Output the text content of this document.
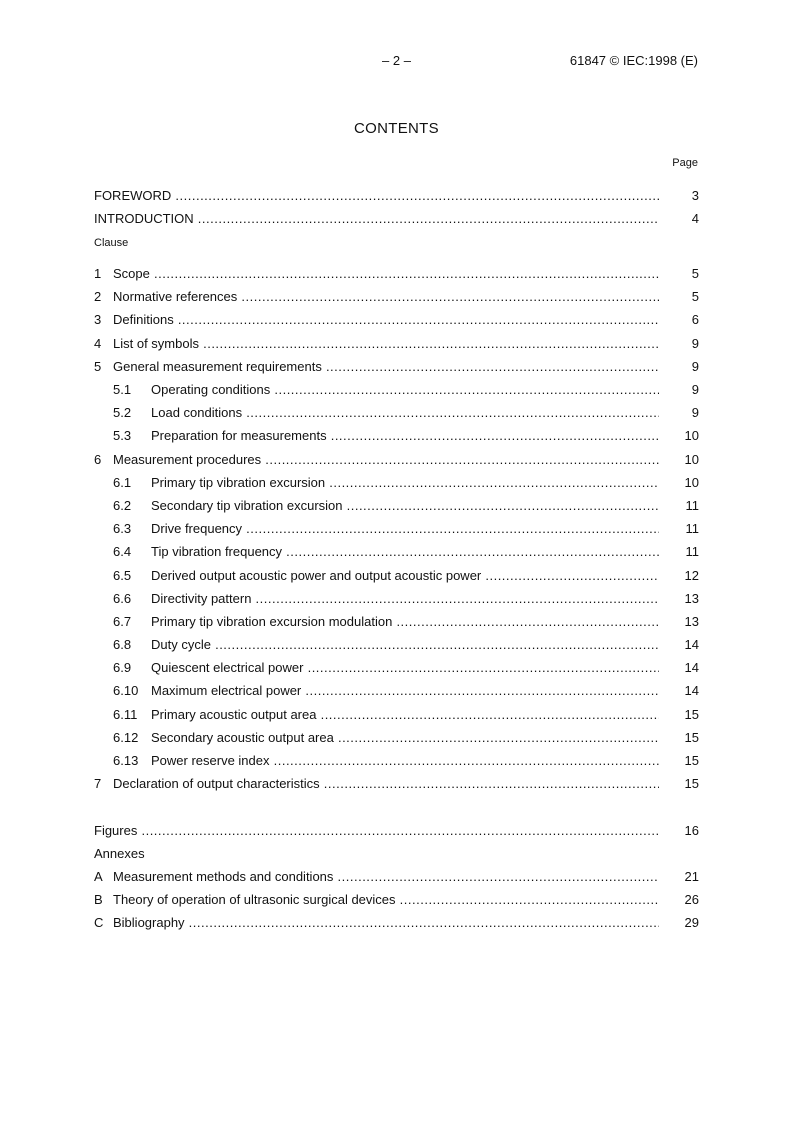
– 2 –	61847 © IEC:1998 (E)
CONTENTS
Page
FOREWORD .....	3
INTRODUCTION .....	4
Clause
1 Scope .....	5
2 Normative references .....	5
3 Definitions .....	6
4 List of symbols .....	9
5 General measurement requirements .....	9
5.1 Operating conditions .....	9
5.2 Load conditions .....	9
5.3 Preparation for measurements .....	10
6 Measurement procedures .....	10
6.1 Primary tip vibration excursion .....	10
6.2 Secondary tip vibration excursion .....	11
6.3 Drive frequency .....	11
6.4 Tip vibration frequency .....	11
6.5 Derived output acoustic power and output acoustic power .....	12
6.6 Directivity pattern .....	13
6.7 Primary tip vibration excursion modulation .....	13
6.8 Duty cycle .....	14
6.9 Quiescent electrical power .....	14
6.10 Maximum electrical power .....	14
6.11 Primary acoustic output area .....	15
6.12 Secondary acoustic output area .....	15
6.13 Power reserve index .....	15
7 Declaration of output characteristics .....	15
Figures .....	16
Annexes
A Measurement methods and conditions .....	21
B Theory of operation of ultrasonic surgical devices .....	26
C Bibliography .....	29
